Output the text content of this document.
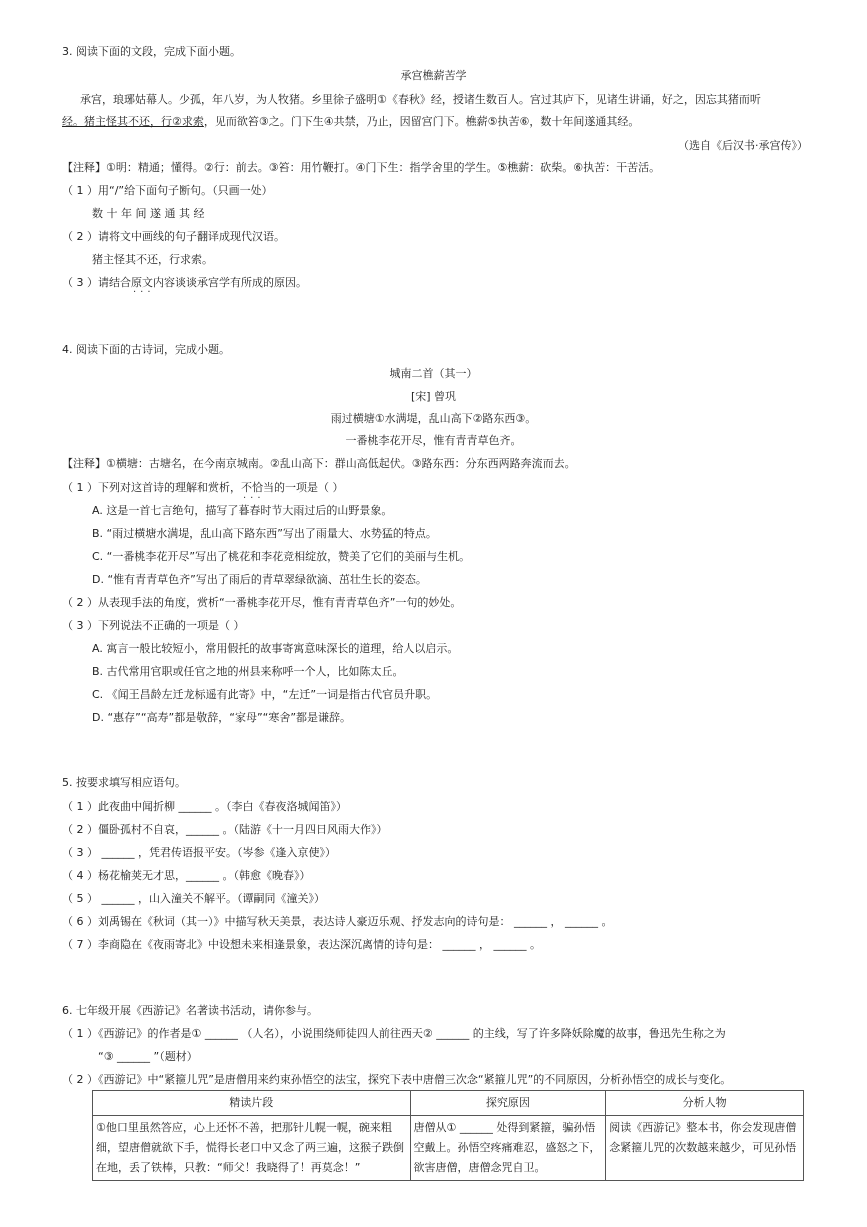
3. 阅读下面的文段，完成下面小题。
承宫樵薪苦学
承宫，琅琊姑幕人。少孤，年八岁，为人牧猪。乡里徐子盛明①《春秋》经，授诸生数百人。宫过其庐下，见诸生讲诵，好之，因忘其猪而听
经。猪主怪其不还，行②求索，见而欲笞③之。门下生④共禁，乃止，因留宫门下。樵薪⑤执苦⑥，数十年间遂通其经。
（选自《后汉书·承宫传》）
【注释】①明：精通；懂得。②行：前去。③笞：用竹鞭打。④门下生：指学舍里的学生。⑤樵薪：砍柴。⑥执苦：干苦活。
（ 1 ）用“/”给下面句子断句。（只画一处）
数 十 年 间 遂 通 其 经
（ 2 ）请将文中画线的句子翻译成现代汉语。
猪主怪其不还，行求索。
（ 3 ）请结合原文内容谈谈承宫学有所成的原因。
···
4. 阅读下面的古诗词，完成小题。
城南二首（其一）
[宋] 曾巩
雨过横塘①水满堤，乱山高下②路东西③。
一番桃李花开尽，惟有青青草色齐。
【注释】①横塘：古塘名，在今南京城南。②乱山高下：群山高低起伏。③路东西：分东西两路奔流而去。
（ 1 ）下列对这首诗的理解和赏析，不恰当的一项是（ ）
···
A. 这是一首七言绝句，描写了暮春时节大雨过后的山野景象。
B. “雨过横塘水满堤，乱山高下路东西”写出了雨量大、水势猛的特点。
C. “一番桃李花开尽”写出了桃花和李花竞相绽放，赞美了它们的美丽与生机。
D. “惟有青青草色齐”写出了雨后的青草翠绿欲滴、茁壮生长的姿态。
（ 2 ）从表现手法的角度，赏析“一番桃李花开尽，惟有青青草色齐”一句的妙处。
（ 3 ）下列说法不正确的一项是（ ）
A. 寓言一般比较短小，常用假托的故事寄寓意味深长的道理，给人以启示。
B. 古代常用官职或任官之地的州县来称呼一个人，比如陈太丘。
C. 《闻王昌龄左迁龙标遥有此寄》中，“左迁”一词是指古代官员升职。
D. “惠存”“高寿”都是敬辞，“家母”“寒舍”都是谦辞。
5. 按要求填写相应语句。
（ 1 ）此夜曲中闻折柳 ______ 。（李白《春夜洛城闻笛》）
（ 2 ）僵卧孤村不自哀，______ 。（陆游《十一月四日风雨大作》）
（ 3 ） ______ ，凭君传语报平安。（岑参《逢入京使》）
（ 4 ）杨花榆荚无才思，______ 。（韩愈《晚春》）
（ 5 ） ______ ，山入潼关不解平。（谭嗣同《潼关》）
（ 6 ）刘禹锡在《秋词（其一）》中描写秋天美景，表达诗人豪迈乐观、抒发志向的诗句是： ______ ， ______ 。
（ 7 ）李商隐在《夜雨寄北》中设想未来相逢景象，表达深沉离情的诗句是： ______ ， ______ 。
6. 七年级开展《西游记》名著读书活动，请你参与。
（ 1 ）《西游记》的作者是① ______ （人名），小说围绕师徒四人前往西天② ______ 的主线，写了许多降妖除魔的故事，鲁迅先生称之为
“③ ______ ”（题材）
（ 2 ）《西游记》中“紧箍儿咒”是唐僧用来约束孙悟空的法宝，探究下表中唐僧三次念“紧箍儿咒”的不同原因，分析孙悟空的成长与变化。
精读片段	探究原因	分析人物
①他口里虽然答应，心上还怀不善，把那针儿幌一幌，碗来粗细，望唐僧就欲下手，慌得长老口中又念了两三遍，这猴子跌倒在地，丢了铁棒，只教：“师父！我晓得了！再莫念！”	唐僧从① ______ 处得到紧箍，骗孙悟空戴上。孙悟空疼痛难忍，盛怒之下，欲害唐僧，唐僧念咒自卫。	阅读《西游记》整本书，你会发现唐僧念紧箍儿咒的次数越来越少，可见孙悟
